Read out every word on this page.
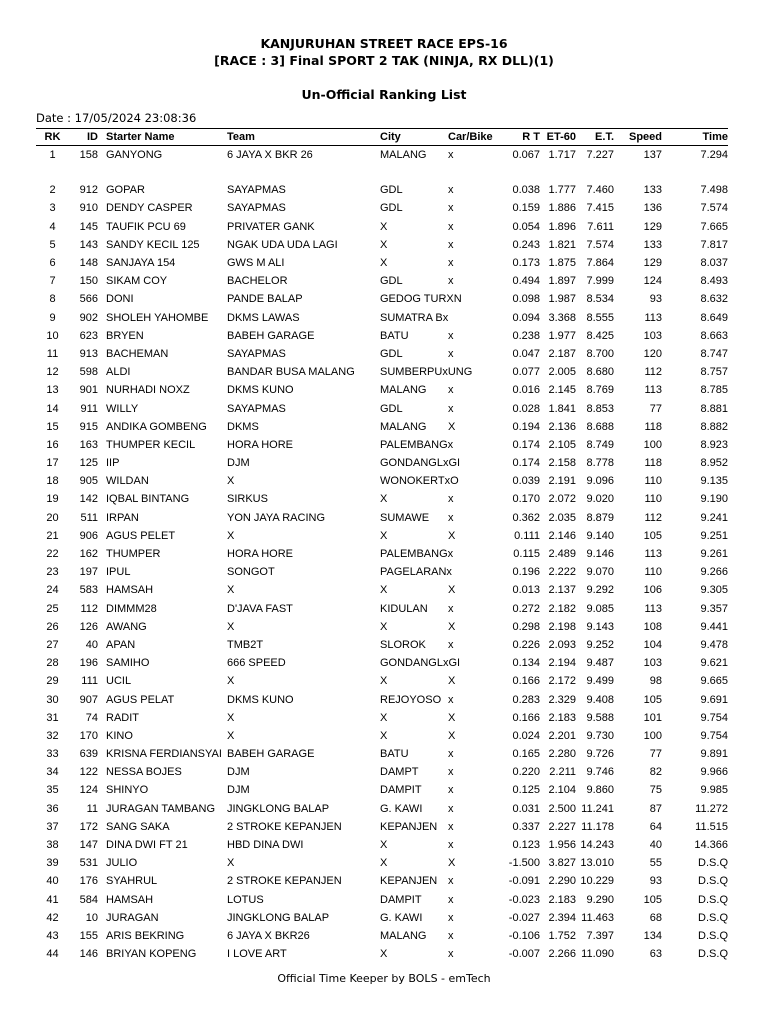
KANJURUHAN STREET RACE EPS-16
[RACE : 3] Final SPORT 2 TAK (NINJA, RX DLL)(1)
Un-Official Ranking List
Date : 17/05/2024 23:08:36
RK	ID	Starter Name	Team	City	Car/Bike	R T	ET-60	E.T.	Speed	Time
1	158	GANYONG	6 JAYA X BKR 26	MALANG	x	0.067	1.717	7.227	137	7.294
2	912	GOPAR	SAYAPMAS	GDL	x	0.038	1.777	7.460	133	7.498
3	910	DENDY CASPER	SAYAPMAS	GDL	x	0.159	1.886	7.415	136	7.574
4	145	TAUFIK PCU 69	PRIVATER GANK	X	x	0.054	1.896	7.611	129	7.665
5	143	SANDY KECIL 125	NGAK UDA UDA LAGI	X	x	0.243	1.821	7.574	133	7.817
6	148	SANJAYA 154	GWS M ALI	X	x	0.173	1.875	7.864	129	8.037
7	150	SIKAM COY	BACHELOR	GDL	x	0.494	1.897	7.999	124	8.493
8	566	DONI	PANDE BALAP	GEDOG TURXN		0.098	1.987	8.534	93	8.632
9	902	SHOLEH YAHOMBE	DKMS LAWAS	SUMATRA Bx		0.094	3.368	8.555	113	8.649
10	623	BRYEN	BABEH GARAGE	BATU	x	0.238	1.977	8.425	103	8.663
11	913	BACHEMAN	SAYAPMAS	GDL	x	0.047	2.187	8.700	120	8.747
12	598	ALDI	BANDAR BUSA MALANG	SUMBERPUxUNG		0.077	2.005	8.680	112	8.757
13	901	NURHADI NOXZ	DKMS KUNO	MALANG	x	0.016	2.145	8.769	113	8.785
14	911	WILLY	SAYAPMAS	GDL	x	0.028	1.841	8.853	77	8.881
15	915	ANDIKA GOMBENG	DKMS	MALANG	X	0.194	2.136	8.688	118	8.882
16	163	THUMPER KECIL	HORA HORE	PALEMBANGx		0.174	2.105	8.749	100	8.923
17	125	IIP	DJM	GONDANGLxGI		0.174	2.158	8.778	118	8.952
18	905	WILDAN	X	WONOKERTxO		0.039	2.191	9.096	110	9.135
19	142	IQBAL BINTANG	SIRKUS	X	x	0.170	2.072	9.020	110	9.190
20	511	IRPAN	YON JAYA RACING	SUMAWE	x	0.362	2.035	8.879	112	9.241
21	906	AGUS PELET	X	X	X	0.111	2.146	9.140	105	9.251
22	162	THUMPER	HORA HORE	PALEMBANGx		0.115	2.489	9.146	113	9.261
23	197	IPUL	SONGOT	PAGELARANx		0.196	2.222	9.070	110	9.266
24	583	HAMSAH	X	X	X	0.013	2.137	9.292	106	9.305
25	112	DIMMM28	D'JAVA FAST	KIDULAN	x	0.272	2.182	9.085	113	9.357
26	126	AWANG	X	X	X	0.298	2.198	9.143	108	9.441
27	40	APAN	TMB2T	SLOROK	x	0.226	2.093	9.252	104	9.478
28	196	SAMIHO	666 SPEED	GONDANGLxGI		0.134	2.194	9.487	103	9.621
29	111	UCIL	X	X	X	0.166	2.172	9.499	98	9.665
30	907	AGUS PELAT	DKMS KUNO	REJOYOSO	x	0.283	2.329	9.408	105	9.691
31	74	RADIT	X	X	X	0.166	2.183	9.588	101	9.754
32	170	KINO	X	X	X	0.024	2.201	9.730	100	9.754
33	639	KRISNA FERDIANSYAI	BABEH GARAGE	BATU	x	0.165	2.280	9.726	77	9.891
34	122	NESSA BOJES	DJM	DAMPT	x	0.220	2.211	9.746	82	9.966
35	124	SHINYO	DJM	DAMPIT	x	0.125	2.104	9.860	75	9.985
36	11	JURAGAN TAMBANG	JINGKLONG BALAP	G. KAWI	x	0.031	2.500	11.241	87	11.272
37	172	SANG SAKA	2 STROKE KEPANJEN	KEPANJEN	x	0.337	2.227	11.178	64	11.515
38	147	DINA DWI FT 21	HBD DINA DWI	X	x	0.123	1.956	14.243	40	14.366
39	531	JULIO	X	X	X	-1.500	3.827	13.010	55	D.S.Q
40	176	SYAHRUL	2 STROKE KEPANJEN	KEPANJEN	x	-0.091	2.290	10.229	93	D.S.Q
41	584	HAMSAH	LOTUS	DAMPIT	x	-0.023	2.183	9.290	105	D.S.Q
42	10	JURAGAN	JINGKLONG BALAP	G. KAWI	x	-0.027	2.394	11.463	68	D.S.Q
43	155	ARIS BEKRING	6 JAYA X BKR26	MALANG	x	-0.106	1.752	7.397	134	D.S.Q
44	146	BRIYAN KOPENG	I LOVE ART	X	x	-0.007	2.266	11.090	63	D.S.Q
Official Time Keeper by BOLS - emTech
